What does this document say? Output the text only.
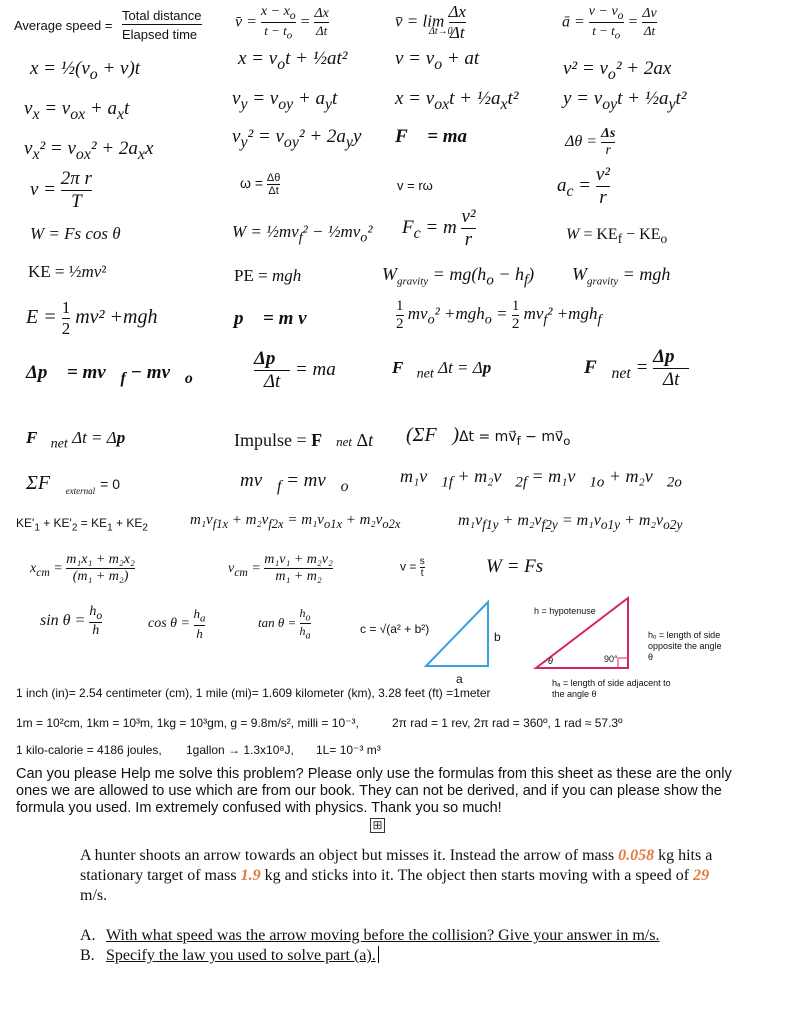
Average speed =
Total distance
Elapsed time
v̄ = $\frac{x - x_o}{t - t_o} = \frac{\Delta x}{\Delta t}$	v̄ = $\lim \frac{\Delta x}{\Delta t}$
Δt→0
ā = $\frac{v - v_o}{t - t_o} = \frac{\Delta v}{\Delta t}$
$x = \frac{1}{2}(v_o + v)t$	$x = v_ot$ + ½at²	$v = v_o$ + at	$v^2 = v_o^2 + 2ax$
$v_x = v_{ox} + a_xt$	$v_y = v_{oy} + a_yt$	$x = v_{ox}t$ + $\frac{1}{2}a_xt^2$ $y = v_{oy}t$ + $\frac{1}{2}a_yt^2$
$v_x^2 = v_{ox}^2 + 2a_xx$
$v_y^2 = v_{oy}^2 + 2a_yy$ F⃗ = ma⃗	$\Delta\theta = \frac{\Delta s}{r}$
$v = \frac{\text{2π r}}{T}$	$\omega = \frac{\Delta\theta}{\Delta t}$	v = rω	$a_c = \frac{\text{v²}}{r}$
W = Fs cos θ	$W = \frac{1}{2}mv_f^2$ − $\frac{1}{2}mv_o^2$ $F_c = m \frac{\text{v²}}{r}$	$W = KE_f - KE_o$
KE = ½mv²	PE = mgh	$W_{gravity} = mg(h_o - h_f) W_{gravity}$ = mgh
$E = \frac{1}{2} mv^2 +mgh$	p⃗ = m v⃗	$\frac{1}{2} mv_o^2 +mgh_o = \frac{1}{2} mv_f^2 +mgh_f$
Δp⃗ = $mv⃗_f$ − $mv⃗_o$	$\frac{\Delta p⃗}{\Delta t}$ = ma⃗ $F⃗_{net}$ Δt = Δp⃗	$F⃗_{net} = \frac{\Delta p⃗}{\Delta t}$
$F⃗_{net}$ Δt = Δp⃗	Impulse = F⃗net Δt (ΣF⃗)Δt = $mv⃗_f$ − $mv⃗_o$
$\Sigma F⃗_{external} = 0$	$mv⃗_f$ = $mv⃗_o$
$m_1v⃗_{1f}$ + $m_2v⃗_{2f}$ = $m_1v⃗_{1o}$ + $m_2v⃗_{2o}$
$KE'_1 + KE'_2 = KE_1 + KE_2$	$m_1v_{f1x} + m_2v_{f2x} = m_1v_{o1x} + m_2v_{o2x}$	$m_1v_{f1y} + m_2v_{f2y} = m_1v_{o1y} + m_2v_{o2y}$
$x_{cm} = \frac{\text{m₁x₁ + m₂x₂}}{\text{(m₁ + m₂)}}$	$v_{cm} = \frac{\text{m₁v₁ + m₂v₂}}{\text{m₁ + m₂}}$	$v = \frac{s}{t}$	W = Fs
$\sin \theta = \frac{h_o}{h}$	$\cos \theta = \frac{h_a}{h}$	$\tan \theta = \frac{h_o}{h_a}$	c = √(a² + b²)
a
b
h = hypotenuse
hₒ = length of side opposite the angle θ
θ	90°
hₐ = length of side adjacent to the angle θ
1 inch (in)= 2.54 centimeter (cm), 1 mile (mi)= 1.609 kilometer (km), 3.28 feet (ft) =1meter
1m = 10²cm, 1km = 10³m, 1kg = 10³gm, g = 9.8m/s², milli = 10⁻³,	2π rad = 1 rev, 2π rad = 360º, 1 rad ≈ 57.3º
1 kilo-calorie = 4186 joules, 1gallon → 1.3x10⁸J, 1L= 10⁻³ m³
Can you please Help me solve this problem? Please only use the formulas from this sheet as these are the only ones we are allowed to use which are from our book. They can not be derived, and if you can please show the formula you used. Im extremely confused with physics. Thank you so much!
⊞
A hunter shoots an arrow towards an object but misses it. Instead the arrow of mass 0.058 kg hits a stationary target of mass 1.9 kg and sticks into it. The object then starts moving with a speed of 29 m/s.
A. With what speed was the arrow moving before the collision? Give your answer in m/s.
B. Specify the law you used to solve part (a).
